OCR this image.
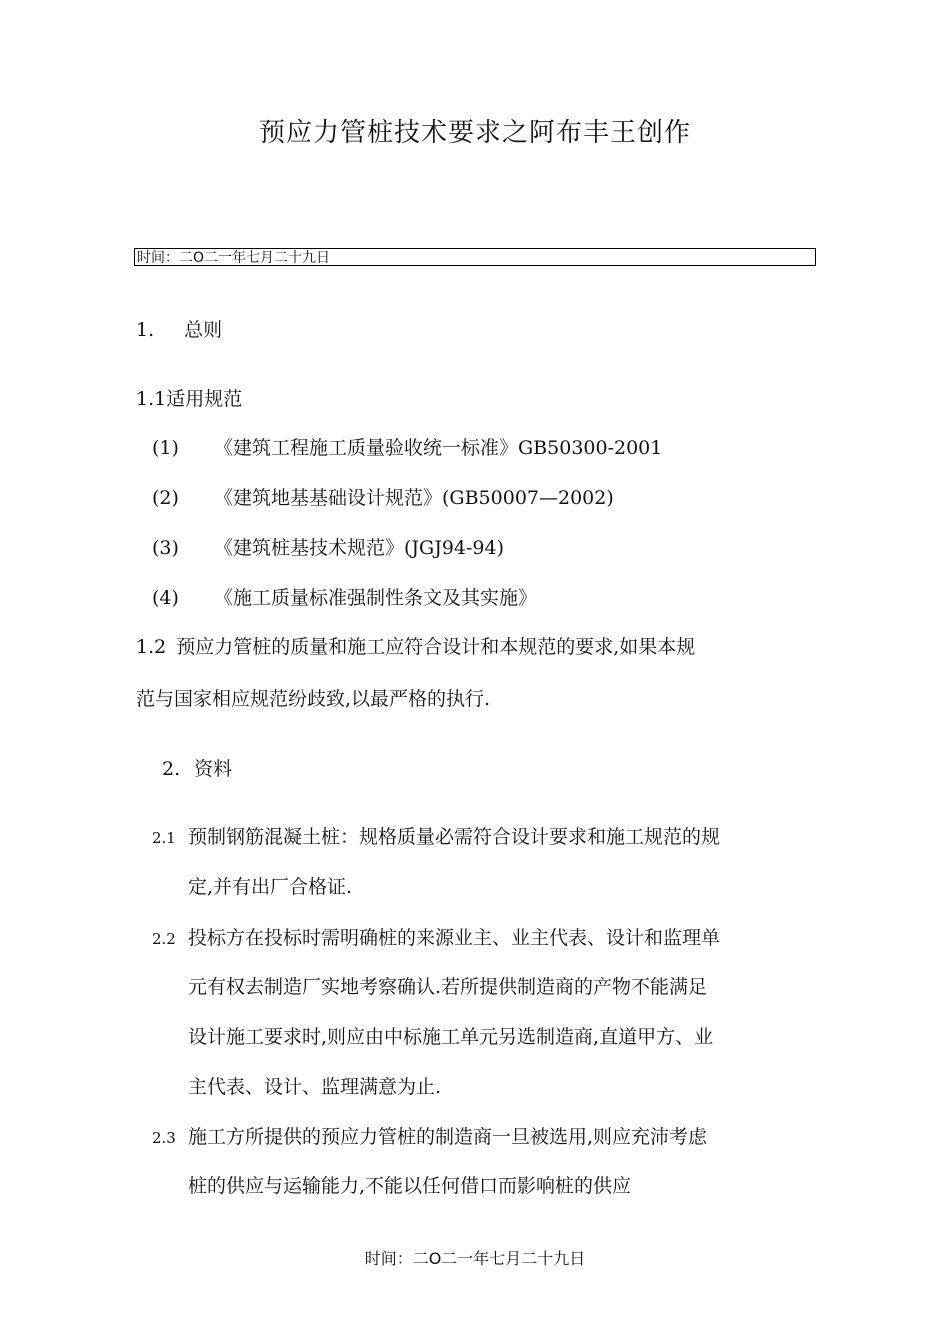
预应力管桩技术要求之阿布丰王创作
时间：二O二一年七月二十九日
1. 总则
1.1适用规范
(1) 《建筑工程施工质量验收统一标准》GB50300-2001
(2) 《建筑地基基础设计规范》(GB50007—2002)
(3) 《建筑桩基技术规范》(JGJ94-94)
(4) 《施工质量标准强制性条文及其实施》
1.2 预应力管桩的质量和施工应符合设计和本规范的要求,如果本规
范与国家相应规范纷歧致,以最严格的执行.
2. 资料
2.1 预制钢筋混凝土桩：规格质量必需符合设计要求和施工规范的规
定,并有出厂合格证.
2.2 投标方在投标时需明确桩的来源业主、业主代表、设计和监理单
元有权去制造厂实地考察确认.若所提供制造商的产物不能满足
设计施工要求时,则应由中标施工单元另选制造商,直道甲方、业
主代表、设计、监理满意为止.
2.3 施工方所提供的预应力管桩的制造商一旦被选用,则应充沛考虑
桩的供应与运输能力,不能以任何借口而影响桩的供应
时间：二O二一年七月二十九日
